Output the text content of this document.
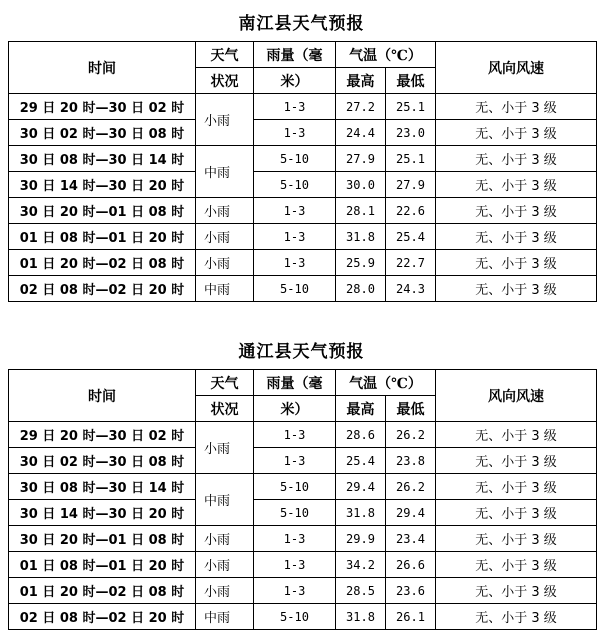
南江县天气预报
时间	天气	雨量（毫	气温（℃）		风向风速
	状况	米）	最高	最低	
29 日 20 时—30 日 02 时	小雨	1-3	27.2	25.1	无、小于 3 级
30 日 02 时—30 日 08 时		1-3	24.4	23.0	无、小于 3 级
30 日 08 时—30 日 14 时	中雨	5-10	27.9	25.1	无、小于 3 级
30 日 14 时—30 日 20 时		5-10	30.0	27.9	无、小于 3 级
30 日 20 时—01 日 08 时	小雨	1-3	28.1	22.6	无、小于 3 级
01 日 08 时—01 日 20 时	小雨	1-3	31.8	25.4	无、小于 3 级
01 日 20 时—02 日 08 时	小雨	1-3	25.9	22.7	无、小于 3 级
02 日 08 时—02 日 20 时	中雨	5-10	28.0	24.3	无、小于 3 级
通江县天气预报
时间	天气	雨量（毫	气温（℃）		风向风速
	状况	米）	最高	最低	
29 日 20 时—30 日 02 时	小雨	1-3	28.6	26.2	无、小于 3 级
30 日 02 时—30 日 08 时		1-3	25.4	23.8	无、小于 3 级
30 日 08 时—30 日 14 时	中雨	5-10	29.4	26.2	无、小于 3 级
30 日 14 时—30 日 20 时		5-10	31.8	29.4	无、小于 3 级
30 日 20 时—01 日 08 时	小雨	1-3	29.9	23.4	无、小于 3 级
01 日 08 时—01 日 20 时	小雨	1-3	34.2	26.6	无、小于 3 级
01 日 20 时—02 日 08 时	小雨	1-3	28.5	23.6	无、小于 3 级
02 日 08 时—02 日 20 时	中雨	5-10	31.8	26.1	无、小于 3 级
